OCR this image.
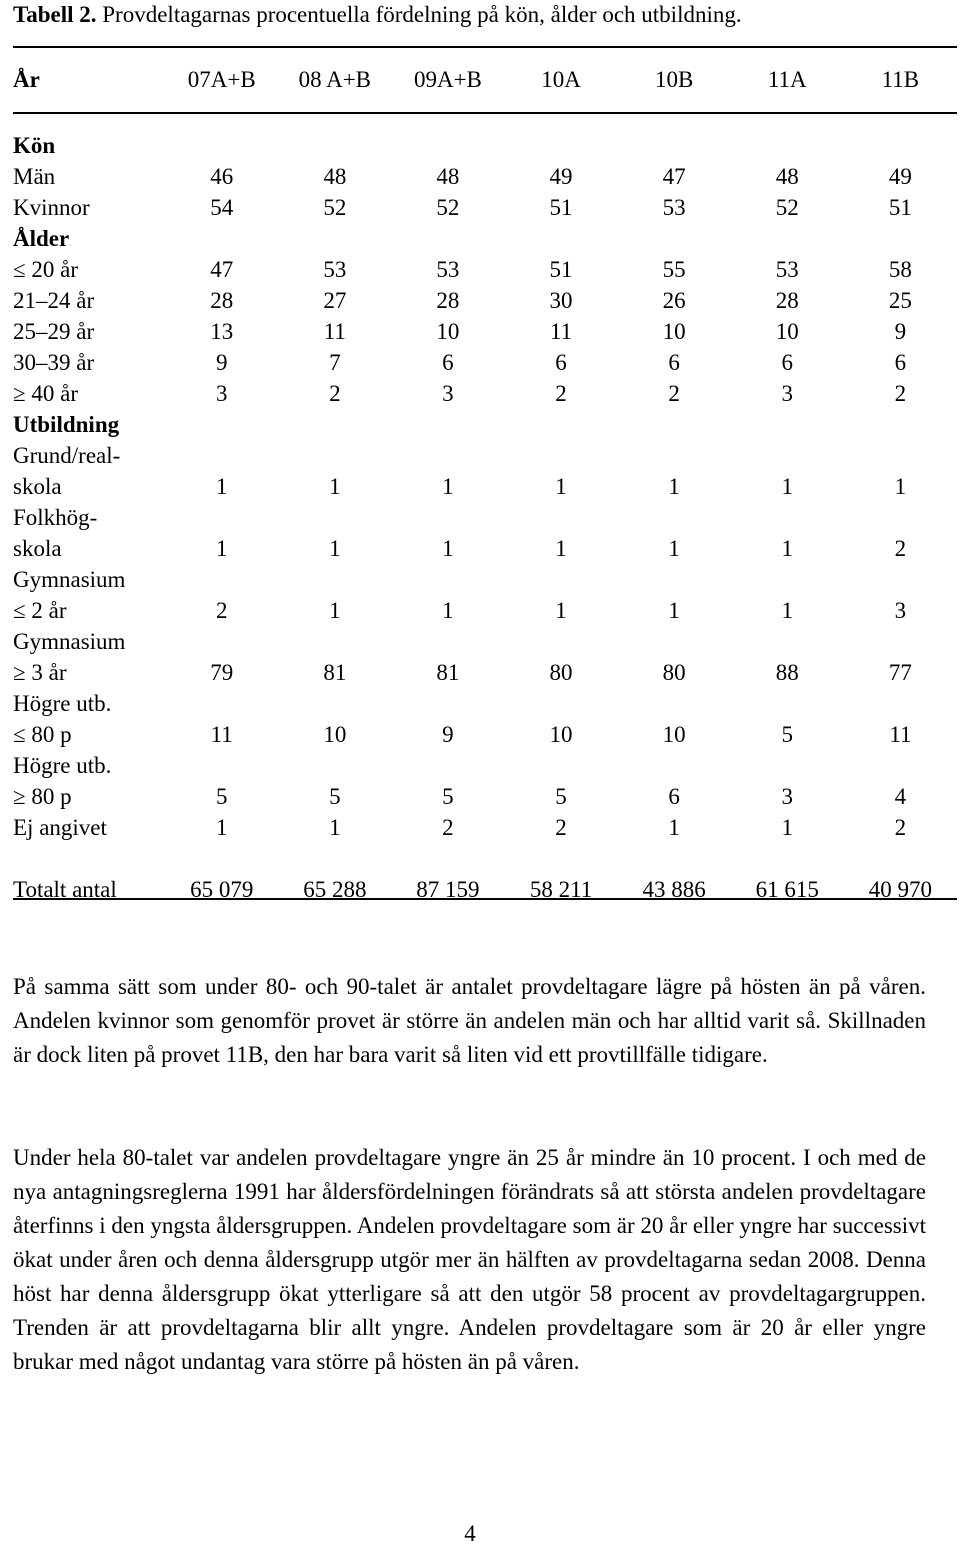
Tabell 2. Provdeltagarnas procentuella fördelning på kön, ålder och utbildning.
År	07A+B	08 A+B	09A+B	10A	10B	11A	11B

Kön							
Män	46	48	48	49	47	48	49
Kvinnor	54	52	52	51	53	52	51
Ålder							
≤ 20 år	47	53	53	51	55	53	58
21–24 år	28	27	28	30	26	28	25
25–29 år	13	11	10	11	10	10	9
30–39 år	9	7	6	6	6	6	6
≥ 40 år	3	2	3	2	2	3	2
Utbildning							
Grund/real-
skola	1	1	1	1	1	1	1
Folkhög-
skola	1	1	1	1	1	1	2
Gymnasium
≤ 2 år	2	1	1	1	1	1	3
Gymnasium
≥ 3 år	79	81	81	80	80	88	77
Högre utb.
≤ 80 p	11	10	9	10	10	5	11
Högre utb.
≥ 80 p	5	5	5	5	6	3	4
Ej angivet	1	1	2	2	1	1	2

Totalt antal	65 079	65 288	87 159	58 211	43 886	61 615	40 970

På samma sätt som under 80- och 90-talet är antalet provdeltagare lägre på hösten än på våren. Andelen kvinnor som genomför provet är större än andelen män och har alltid varit så. Skillnaden är dock liten på provet 11B, den har bara varit så liten vid ett provtillfälle tidigare.

Under hela 80-talet var andelen provdeltagare yngre än 25 år mindre än 10 procent. I och med de nya antagningsreglerna 1991 har åldersfördelningen förändrats så att största andelen provdeltagare återfinns i den yngsta åldersgruppen. Andelen provdeltagare som är 20 år eller yngre har successivt ökat under åren och denna åldersgrupp utgör mer än hälften av provdeltagarna sedan 2008. Denna höst har denna åldersgrupp ökat ytterligare så att den utgör 58 procent av provdeltagargruppen. Trenden är att provdeltagarna blir allt yngre. Andelen provdeltagare som är 20 år eller yngre brukar med något undantag vara större på hösten än på våren.

4
